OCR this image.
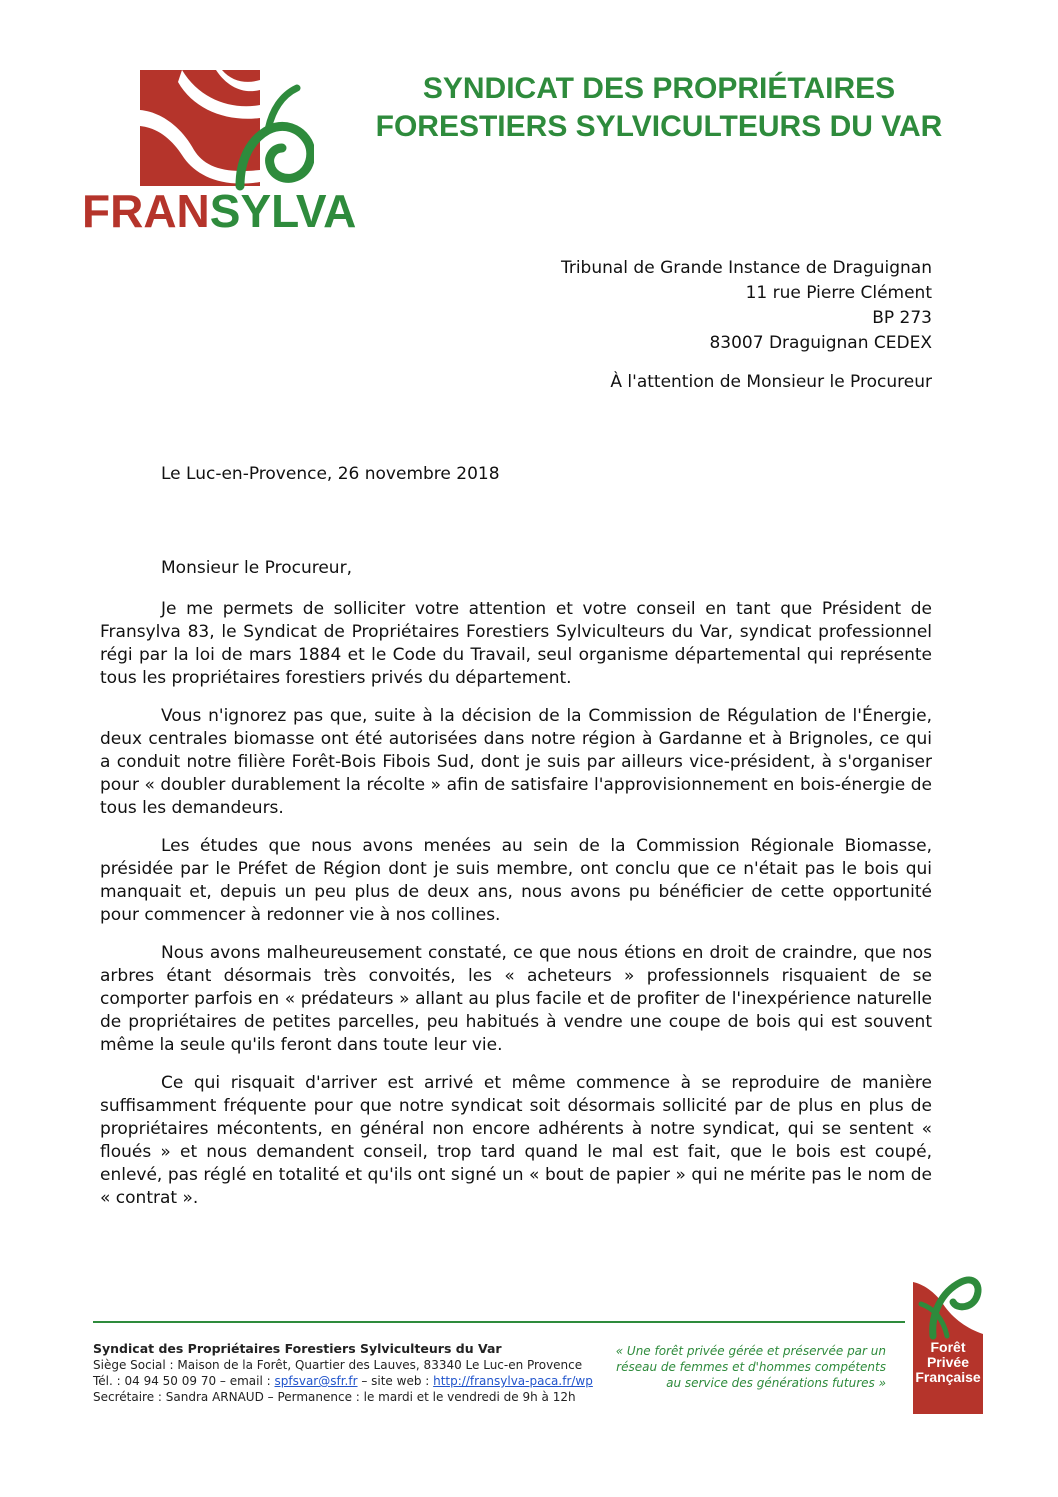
FRANSYLVA
SYNDICAT DES PROPRIÉTAIRES
FORESTIERS SYLVICULTEURS DU VAR
Tribunal de Grande Instance de Draguignan
11 rue Pierre Clément
BP 273
83007 Draguignan CEDEX
À l'attention de Monsieur le Procureur
Le Luc-en-Provence, 26 novembre 2018
Monsieur le Procureur,

Je me permets de solliciter votre attention et votre conseil en tant que Président de Fransylva 83, le Syndicat de Propriétaires Forestiers Sylviculteurs du Var, syndicat professionnel régi par la loi de mars 1884 et le Code du Travail, seul organisme départemental qui représente tous les propriétaires forestiers privés du département.

Vous n'ignorez pas que, suite à la décision de la Commission de Régulation de l'Énergie, deux centrales biomasse ont été autorisées dans notre région à Gardanne et à Brignoles, ce qui a conduit notre filière Forêt-Bois Fibois Sud, dont je suis par ailleurs vice-président, à s'organiser pour « doubler durablement la récolte » afin de satisfaire l'approvisionnement en bois-énergie de tous les demandeurs.

Les études que nous avons menées au sein de la Commission Régionale Biomasse, présidée par le Préfet de Région dont je suis membre, ont conclu que ce n'était pas le bois qui manquait et, depuis un peu plus de deux ans, nous avons pu bénéficier de cette opportunité pour commencer à redonner vie à nos collines.

Nous avons malheureusement constaté, ce que nous étions en droit de craindre, que nos arbres étant désormais très convoités, les « acheteurs » professionnels risquaient de se comporter parfois en « prédateurs » allant au plus facile et de profiter de l'inexpérience naturelle de propriétaires de petites parcelles, peu habitués à vendre une coupe de bois qui est souvent même la seule qu'ils feront dans toute leur vie.

Ce qui risquait d'arriver est arrivé et même commence à se reproduire de manière suffisamment fréquente pour que notre syndicat soit désormais sollicité par de plus en plus de propriétaires mécontents, en général non encore adhérents à notre syndicat, qui se sentent « floués » et nous demandent conseil, trop tard quand le mal est fait, que le bois est coupé, enlevé, pas réglé en totalité et qu'ils ont signé un « bout de papier » qui ne mérite pas le nom de « contrat ».

Syndicat des Propriétaires Forestiers Sylviculteurs du Var
Siège Social : Maison de la Forêt, Quartier des Lauves, 83340 Le Luc-en Provence
Tél. : 04 94 50 09 70 – email : spfsvar@sfr.fr – site web : http://fransylva-paca.fr/wp
Secrétaire : Sandra ARNAUD – Permanence : le mardi et le vendredi de 9h à 12h
« Une forêt privée gérée et préservée par un
réseau de femmes et d'hommes compétents
au service des générations futures »
Forêt
Privée
Française
